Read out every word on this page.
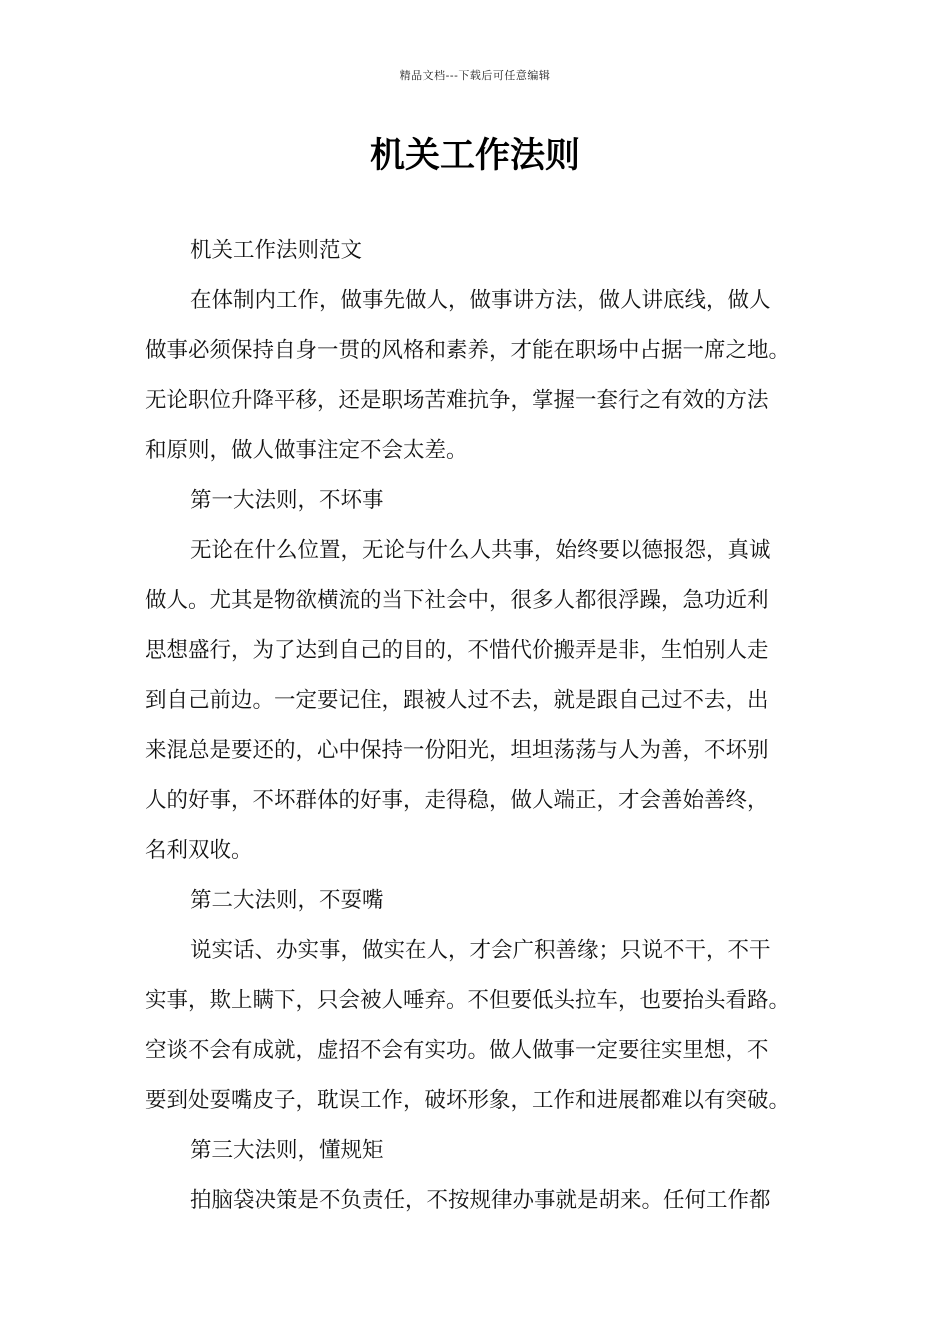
精品文档---下载后可任意编辑
机关工作法则
机关工作法则范文
在体制内工作，做事先做人，做事讲方法，做人讲底线，做人
做事必须保持自身一贯的风格和素养，才能在职场中占据一席之地。
无论职位升降平移，还是职场苦难抗争，掌握一套行之有效的方法
和原则，做人做事注定不会太差。
第一大法则，不坏事
无论在什么位置，无论与什么人共事，始终要以德报怨，真诚
做人。尤其是物欲横流的当下社会中，很多人都很浮躁，急功近利
思想盛行，为了达到自己的目的，不惜代价搬弄是非，生怕别人走
到自己前边。一定要记住，跟被人过不去，就是跟自己过不去，出
来混总是要还的，心中保持一份阳光，坦坦荡荡与人为善，不坏别
人的好事，不坏群体的好事，走得稳，做人端正，才会善始善终，
名利双收。
第二大法则，不耍嘴
说实话、办实事，做实在人，才会广积善缘；只说不干，不干
实事，欺上瞒下，只会被人唾弃。不但要低头拉车，也要抬头看路。
空谈不会有成就，虚招不会有实功。做人做事一定要往实里想，不
要到处耍嘴皮子，耽误工作，破坏形象，工作和进展都难以有突破。
第三大法则，懂规矩
拍脑袋决策是不负责任，不按规律办事就是胡来。任何工作都
